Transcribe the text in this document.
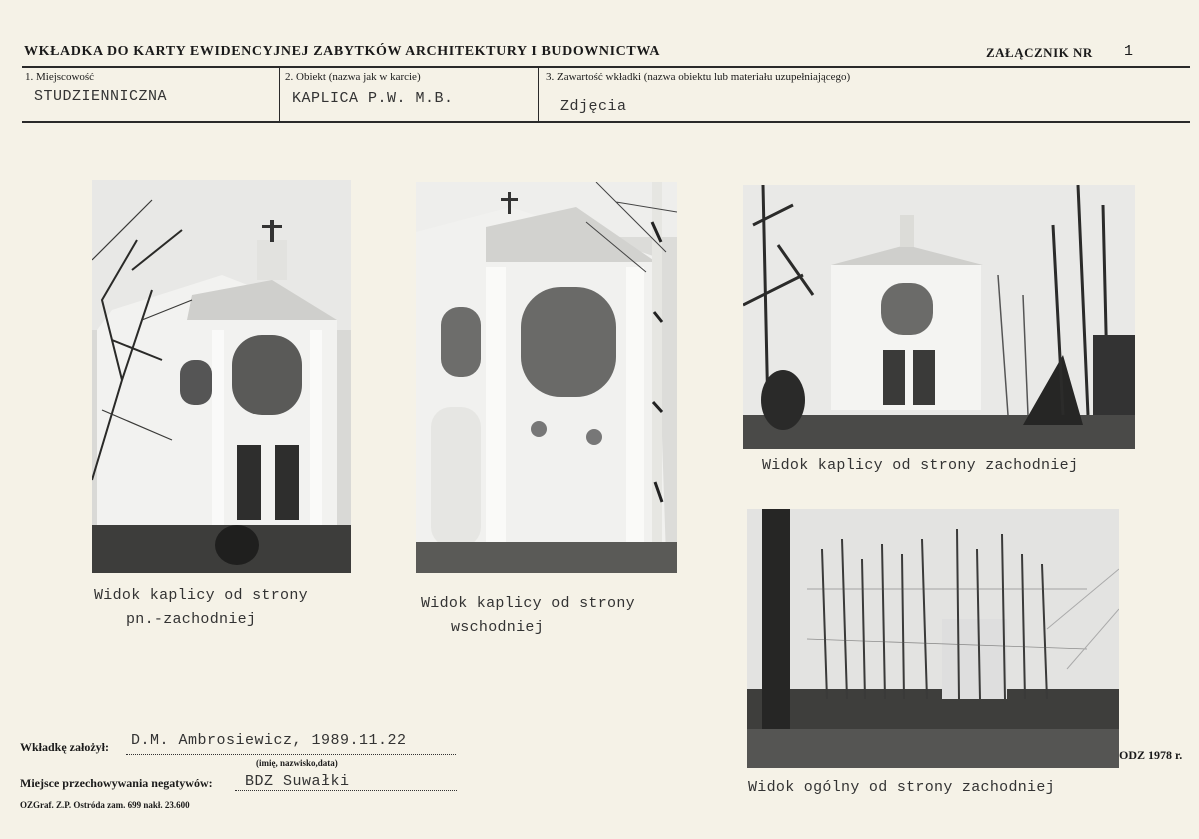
WKŁADKA DO KARTY EWIDENCYJNEJ ZABYTKÓW ARCHITEKTURY I BUDOWNICTWA	ZAŁĄCZNIK NR 1
1. Miejscowość
STUDZIENNICZNA
2. Obiekt (nazwa jak w karcie)
KAPLICA P.W. M.B.
3. Zawartość wkładki (nazwa obiektu lub materiału uzupełniającego)
Zdjęcia
Widok kaplicy od strony
pn.-zachodniej
Widok kaplicy od strony
wschodniej
Widok kaplicy od strony zachodniej
Widok ogólny od strony zachodniej
ODZ 1978 r.
Wkładkę założył: D.M. Ambrosiewicz, 1989.11.22
(imię, nazwisko,data)
Miejsce przechowywania negatywów: BDZ Suwałki
OZGraf. Z.P. Ostróda zam. 699 nakł. 23.600
